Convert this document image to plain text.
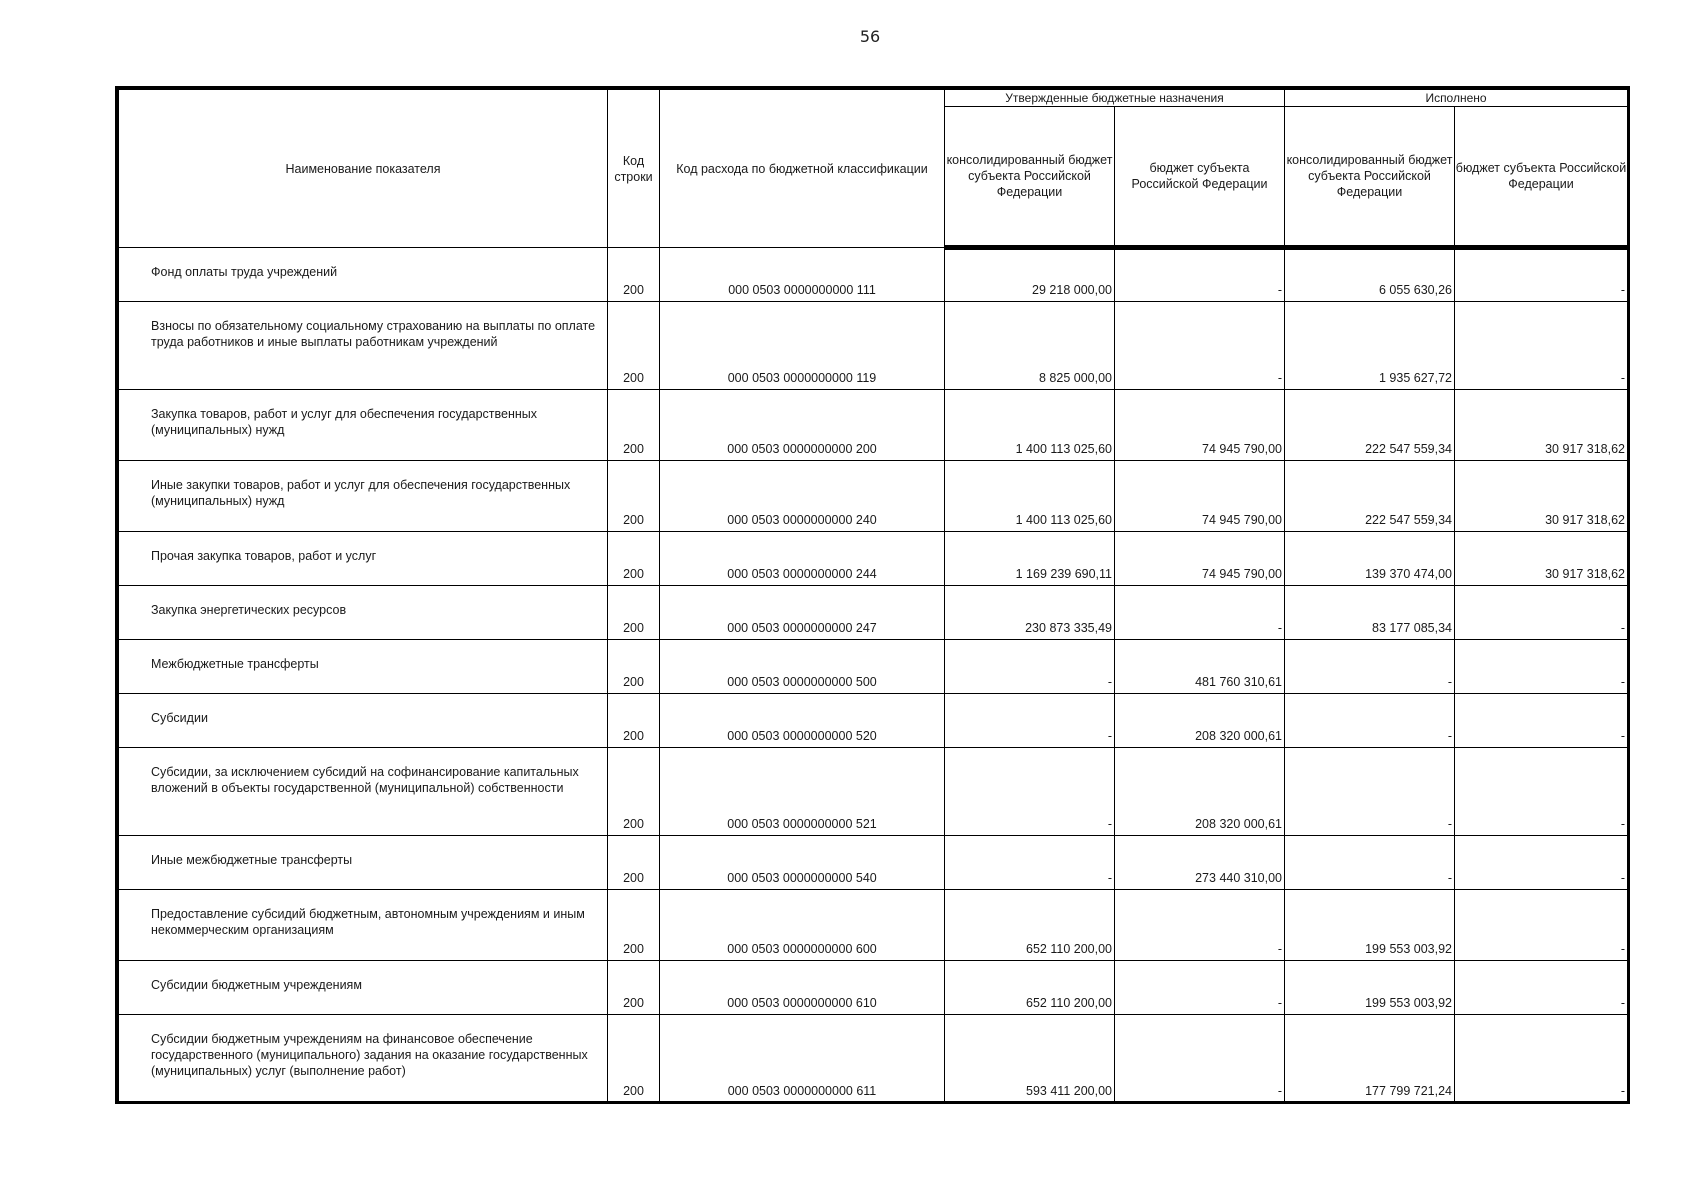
56
Наименование показателя	Код строки	Код расхода по бюджетной классификации	Утвержденные бюджетные назначения		Исполнено	
			консолидированный бюджет субъекта Российской Федерации	бюджет субъекта Российской Федерации	консолидированный бюджет субъекта Российской Федерации	бюджет субъекта Российской Федерации
Фонд оплаты труда учреждений	200	000 0503 0000000000 111	29 218 000,00	-	6 055 630,26	-
Взносы по обязательному социальному страхованию на выплаты по оплате труда работников и иные выплаты работникам учреждений	200	000 0503 0000000000 119	8 825 000,00	-	1 935 627,72	-
Закупка товаров, работ и услуг для обеспечения государственных (муниципальных) нужд	200	000 0503 0000000000 200	1 400 113 025,60	74 945 790,00	222 547 559,34	30 917 318,62
Иные закупки товаров, работ и услуг для обеспечения государственных (муниципальных) нужд	200	000 0503 0000000000 240	1 400 113 025,60	74 945 790,00	222 547 559,34	30 917 318,62
Прочая закупка товаров, работ и услуг	200	000 0503 0000000000 244	1 169 239 690,11	74 945 790,00	139 370 474,00	30 917 318,62
Закупка энергетических ресурсов	200	000 0503 0000000000 247	230 873 335,49	-	83 177 085,34	-
Межбюджетные трансферты	200	000 0503 0000000000 500	-	481 760 310,61	-	-
Субсидии	200	000 0503 0000000000 520	-	208 320 000,61	-	-
Субсидии, за исключением субсидий на софинансирование капитальных вложений в объекты государственной (муниципальной) собственности	200	000 0503 0000000000 521	-	208 320 000,61	-	-
Иные межбюджетные трансферты	200	000 0503 0000000000 540	-	273 440 310,00	-	-
Предоставление субсидий бюджетным, автономным учреждениям и иным некоммерческим организациям	200	000 0503 0000000000 600	652 110 200,00	-	199 553 003,92	-
Субсидии бюджетным учреждениям	200	000 0503 0000000000 610	652 110 200,00	-	199 553 003,92	-
Субсидии бюджетным учреждениям на финансовое обеспечение государственного (муниципального) задания на оказание государственных (муниципальных) услуг (выполнение работ)	200	000 0503 0000000000 611	593 411 200,00	-	177 799 721,24	-
